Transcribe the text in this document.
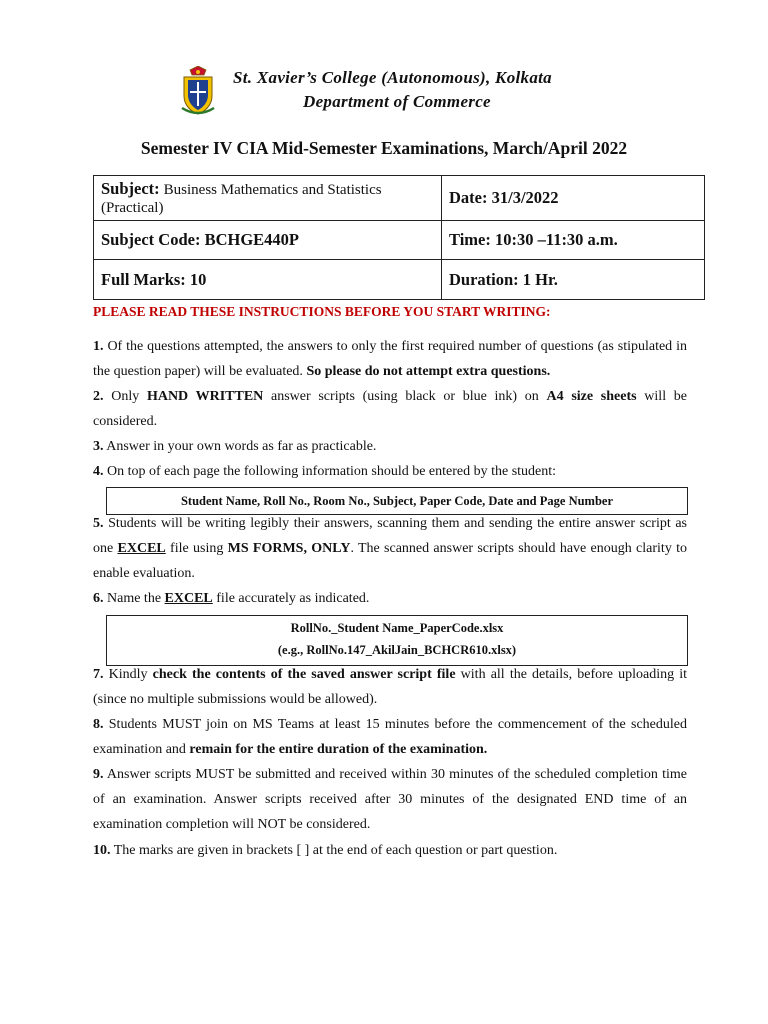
St. Xavier’s College (Autonomous), Kolkata
Department of Commerce
Semester IV CIA Mid-Semester Examinations, March/April 2022
Subject: Business Mathematics and Statistics (Practical)	Date: 31/3/2022
Subject Code: BCHGE440P	Time: 10:30 –11:30 a.m.
Full Marks: 10	Duration: 1 Hr.
PLEASE READ THESE INSTRUCTIONS BEFORE YOU START WRITING:
1. Of the questions attempted, the answers to only the first required number of questions (as stipulated in the question paper) will be evaluated. So please do not attempt extra questions.
2. Only HAND WRITTEN answer scripts (using black or blue ink) on A4 size sheets will be considered.
3. Answer in your own words as far as practicable.
4. On top of each page the following information should be entered by the student:
Student Name, Roll No., Room No., Subject, Paper Code, Date and Page Number
5. Students will be writing legibly their answers, scanning them and sending the entire answer script as one EXCEL file using MS FORMS, ONLY. The scanned answer scripts should have enough clarity to enable evaluation.
6. Name the EXCEL file accurately as indicated.
RollNo._Student Name_PaperCode.xlsx
(e.g., RollNo.147_AkilJain_BCHCR610.xlsx)
7. Kindly check the contents of the saved answer script file with all the details, before uploading it (since no multiple submissions would be allowed).
8. Students MUST join on MS Teams at least 15 minutes before the commencement of the scheduled examination and remain for the entire duration of the examination.
9. Answer scripts MUST be submitted and received within 30 minutes of the scheduled completion time of an examination. Answer scripts received after 30 minutes of the designated END time of an examination completion will NOT be considered.
10. The marks are given in brackets [ ] at the end of each question or part question.
